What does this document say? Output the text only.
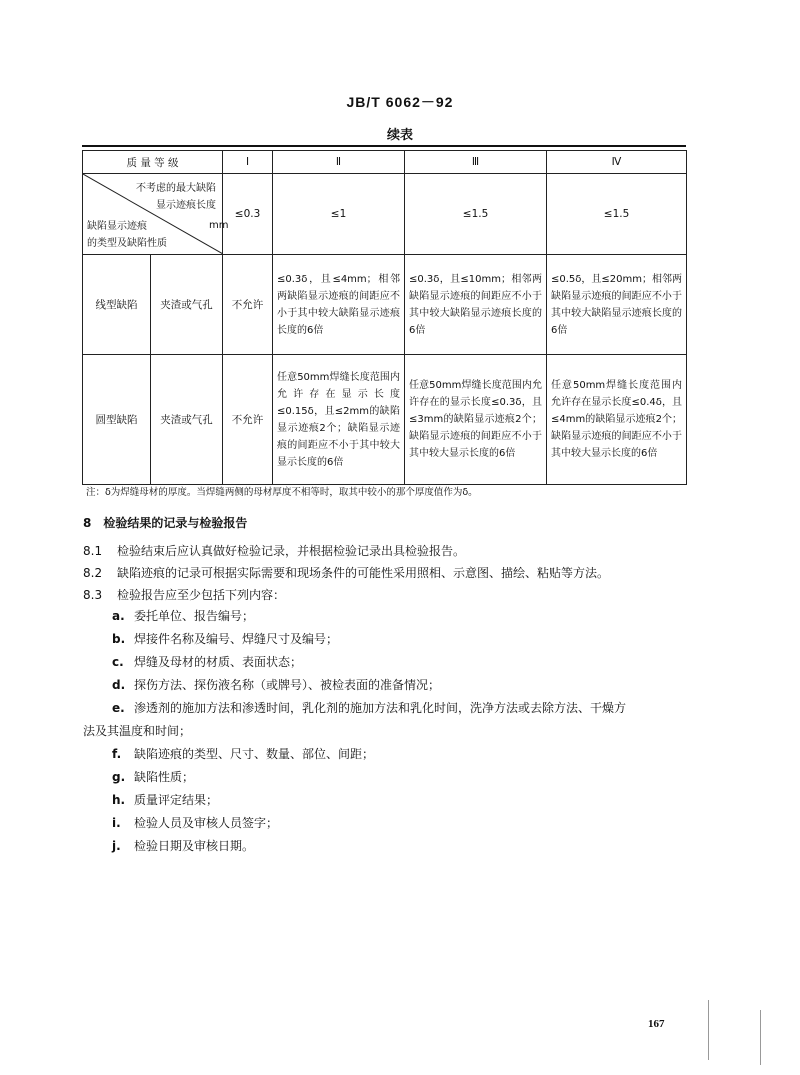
JB/T 6062－92
续表
质 量 等 级		Ⅰ	Ⅱ	Ⅲ	Ⅳ

不考虑的最大缺陷
显示迹痕长度
mm
缺陷显示迹痕
的类型及缺陷性质		≤0.3	≤1	≤1.5	≤1.5
线型缺陷	夹渣或气孔	不允许	≤0.3δ，且≤4mm；相邻两缺陷显示迹痕的间距应不小于其中较大缺陷显示迹痕长度的6倍	≤0.3δ，且≤10mm；相邻两缺陷显示迹痕的间距应不小于其中较大缺陷显示迹痕长度的6倍	≤0.5δ，且≤20mm；相邻两缺陷显示迹痕的间距应不小于其中较大缺陷显示迹痕长度的6倍
圆型缺陷	夹渣或气孔	不允许	任意50mm焊缝长度范围内允许存在显示长度≤0.15δ，且≤2mm的缺陷显示迹痕2个；缺陷显示迹痕的间距应不小于其中较大显示长度的6倍	任意50mm焊缝长度范围内允许存在的显示长度≤0.3δ，且≤3mm的缺陷显示迹痕2个；缺陷显示迹痕的间距应不小于其中较大显示长度的6倍	任意50mm焊缝长度范围内允许存在显示长度≤0.4δ，且≤4mm的缺陷显示迹痕2个；缺陷显示迹痕的间距应不小于其中较大显示长度的6倍
注：δ为焊缝母材的厚度。当焊缝两侧的母材厚度不相等时，取其中较小的那个厚度值作为δ。
8　检验结果的记录与检验报告
8.1 检验结束后应认真做好检验记录，并根据检验记录出具检验报告。
8.2 缺陷迹痕的记录可根据实际需要和现场条件的可能性采用照相、示意图、描绘、粘贴等方法。
8.3 检验报告应至少包括下列内容：
a. 委托单位、报告编号；
b. 焊接件名称及编号、焊缝尺寸及编号；
c. 焊缝及母材的材质、表面状态；
d. 探伤方法、探伤液名称（或牌号）、被检表面的准备情况；
e. 渗透剂的施加方法和渗透时间，乳化剂的施加方法和乳化时间，洗净方法或去除方法、干燥方
法及其温度和时间；
f. 缺陷迹痕的类型、尺寸、数量、部位、间距；
g. 缺陷性质；
h. 质量评定结果；
i. 检验人员及审核人员签字；
j. 检验日期及审核日期。
167
